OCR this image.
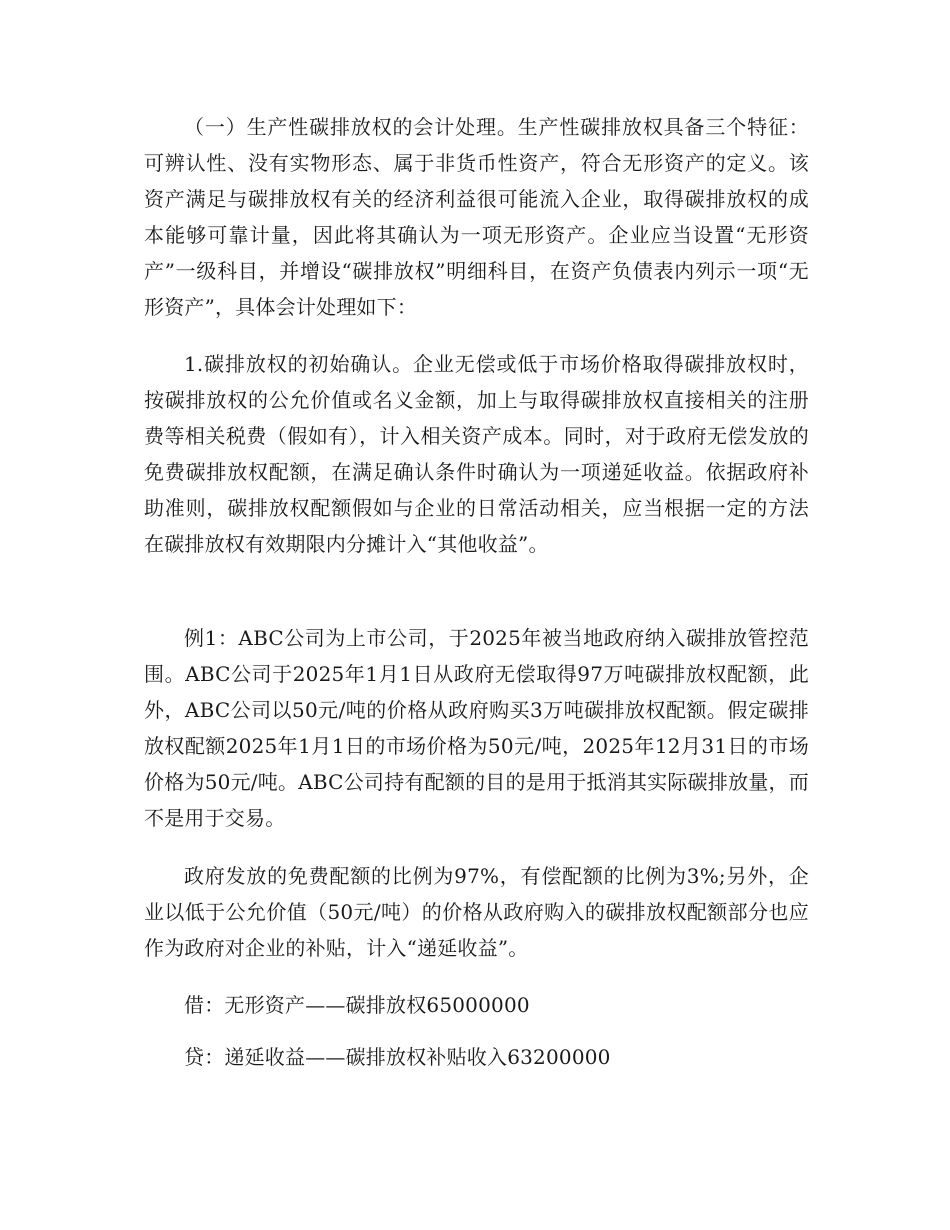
（一）生产性碳排放权的会计处理。生产性碳排放权具备三个特征：可辨认性、没有实物形态、属于非货币性资产，符合无形资产的定义。该资产满足与碳排放权有关的经济利益很可能流入企业，取得碳排放权的成本能够可靠计量，因此将其确认为一项无形资产。企业应当设置“无形资产”一级科目，并增设“碳排放权”明细科目，在资产负债表内列示一项“无形资产”，具体会计处理如下：

1.碳排放权的初始确认。企业无偿或低于市场价格取得碳排放权时，按碳排放权的公允价值或名义金额，加上与取得碳排放权直接相关的注册费等相关税费（假如有），计入相关资产成本。同时，对于政府无偿发放的免费碳排放权配额，在满足确认条件时确认为一项递延收益。依据政府补助准则，碳排放权配额假如与企业的日常活动相关，应当根据一定的方法在碳排放权有效期限内分摊计入“其他收益”。

例1：ABC公司为上市公司，于2025年被当地政府纳入碳排放管控范围。ABC公司于2025年1月1日从政府无偿取得97万吨碳排放权配额，此外，ABC公司以50元/吨的价格从政府购买3万吨碳排放权配额。假定碳排放权配额2025年1月1日的市场价格为50元/吨，2025年12月31日的市场价格为50元/吨。ABC公司持有配额的目的是用于抵消其实际碳排放量，而不是用于交易。

政府发放的免费配额的比例为97%，有偿配额的比例为3%;另外，企业以低于公允价值（50元/吨）的价格从政府购入的碳排放权配额部分也应作为政府对企业的补贴，计入“递延收益”。

借：无形资产——碳排放权65000000

贷：递延收益——碳排放权补贴收入63200000
